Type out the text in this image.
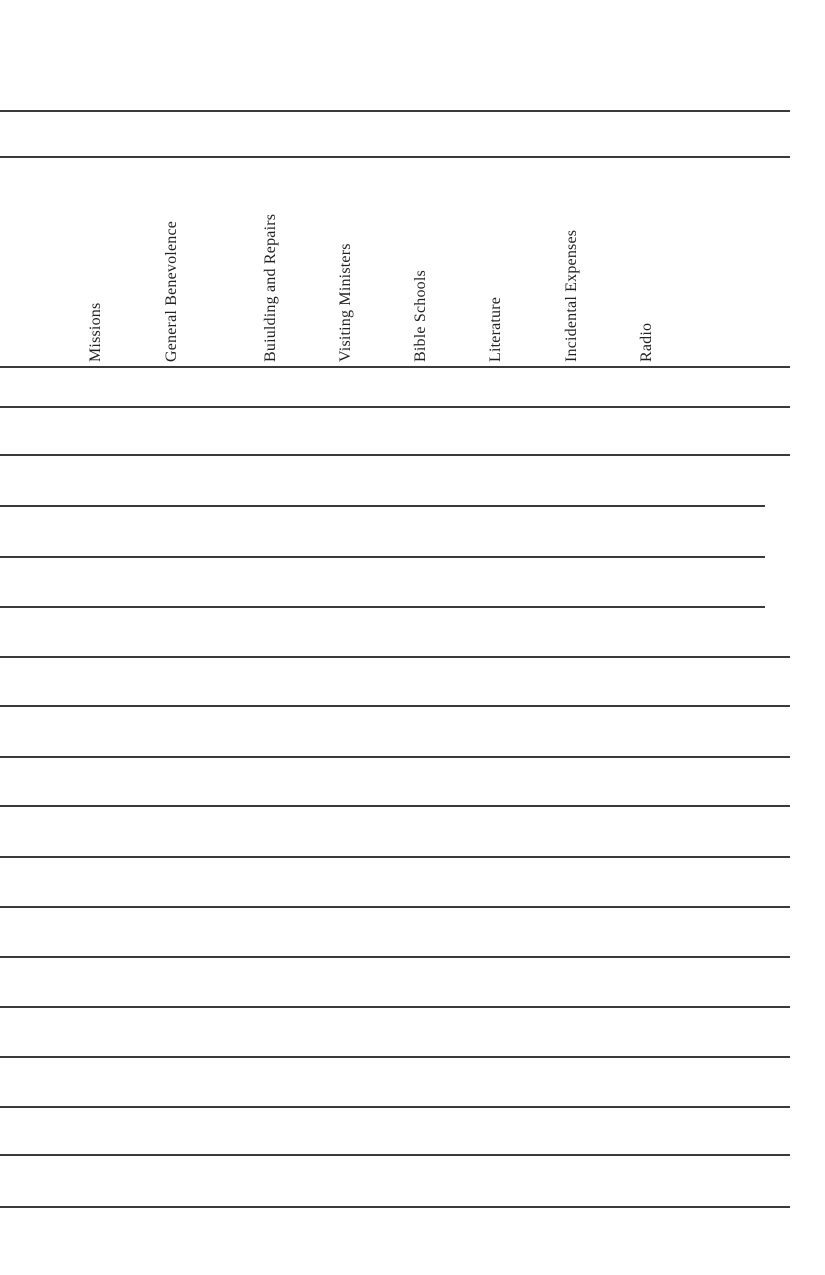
Missions	General Benevolence	Buiulding and Repairs	Visiting Ministers	Bible Schools	Literature	Incidental Expenses	Radio
